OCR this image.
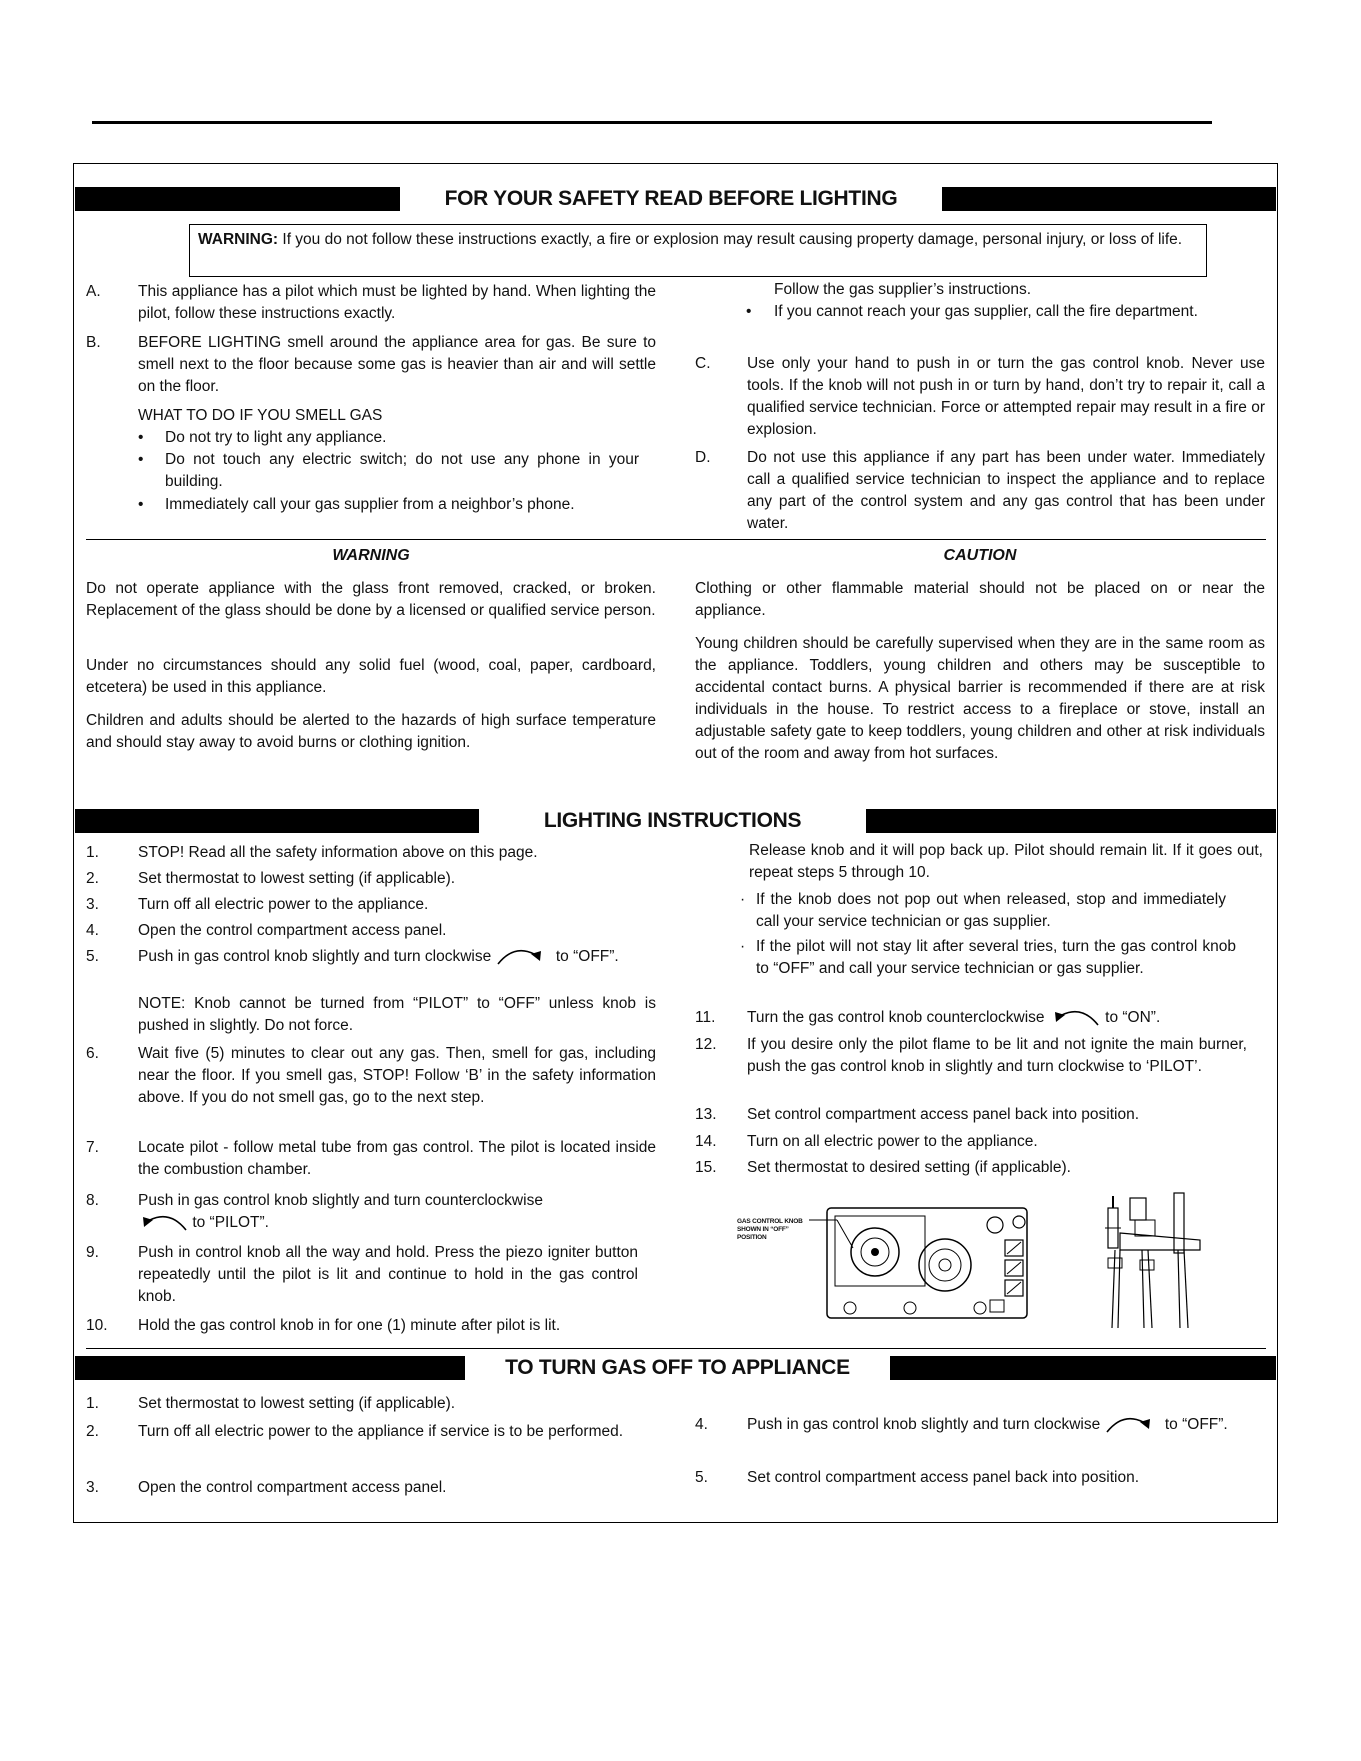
FOR YOUR SAFETY READ BEFORE LIGHTING
WARNING: If you do not follow these instructions exactly, a fire or explosion may result causing property damage, personal injury, or loss of life.
A. This appliance has a pilot which must be lighted by hand. When lighting the pilot, follow these instructions exactly.
B. BEFORE LIGHTING smell around the appliance area for gas. Be sure to smell next to the floor because some gas is heavier than air and will settle on the floor.
WHAT TO DO IF YOU SMELL GAS
• Do not try to light any appliance.
• Do not touch any electric switch; do not use any phone in your building.
• Immediately call your gas supplier from a neighbor’s phone.
Follow the gas supplier’s instructions.
• If you cannot reach your gas supplier, call the fire department.
C. Use only your hand to push in or turn the gas control knob. Never use tools. If the knob will not push in or turn by hand, don’t try to repair it, call a qualified service technician. Force or attempted repair may result in a fire or explosion.
D. Do not use this appliance if any part has been under water. Immediately call a qualified service technician to inspect the appliance and to replace any part of the control system and any gas control that has been under water.
WARNING
Do not operate appliance with the glass front removed, cracked, or broken. Replacement of the glass should be done by a licensed or qualified service person.
Under no circumstances should any solid fuel (wood, coal, paper, cardboard, etcetera) be used in this appliance.
Children and adults should be alerted to the hazards of high surface temperature and should stay away to avoid burns or clothing ignition.
CAUTION
Clothing or other flammable material should not be placed on or near the appliance.
Young children should be carefully supervised when they are in the same room as the appliance. Toddlers, young children and others may be susceptible to accidental contact burns. A physical barrier is recommended if there are at risk individuals in the house. To restrict access to a fireplace or stove, install an adjustable safety gate to keep toddlers, young children and other at risk individuals out of the room and away from hot surfaces.
LIGHTING INSTRUCTIONS
1.	STOP! Read all the safety information above on this page.
2.	Set thermostat to lowest setting (if applicable).
3.	Turn off all electric power to the appliance.
4.	Open the control compartment access panel.
5.	Push in gas control knob slightly and turn clockwise	to “OFF”.
NOTE: Knob cannot be turned from “PILOT” to “OFF” unless knob is pushed in slightly. Do not force.
6.	Wait five (5) minutes to clear out any gas. Then, smell for gas, including near the floor. If you smell gas, STOP! Follow ‘B’ in the safety information above. If you do not smell gas, go to the next step.
7.	Locate pilot - follow metal tube from gas control. The pilot is located inside the combustion chamber.
8.	Push in gas control knob slightly and turn counterclockwise
to “PILOT”.
9.	Push in control knob all the way and hold. Press the piezo igniter button repeatedly until the pilot is lit and continue to hold in the gas control knob.
10. Hold the gas control knob in for one (1) minute after pilot is lit.
Release knob and it will pop back up. Pilot should remain lit. If it goes out, repeat steps 5 through 10.
· If the knob does not pop out when released, stop and immediately call your service technician or gas supplier.
· If the pilot will not stay lit after several tries, turn the gas control knob to “OFF” and call your service technician or gas supplier.
11. Turn the gas control knob counterclockwise	to “ON”.
12. If you desire only the pilot flame to be lit and not ignite the main burner, push the gas control knob in slightly and turn clockwise to ‘PILOT’.
13. Set control compartment access panel back into position.
14. Turn on all electric power to the appliance.
15. Set thermostat to desired setting (if applicable).
GAS CONTROL KNOB SHOWN IN “OFF” POSITION
TO TURN GAS OFF TO APPLIANCE
1.	Set thermostat to lowest setting (if applicable).
2.	Turn off all electric power to the appliance if service is to be performed.
3.	Open the control compartment access panel.
4.	Push in gas control knob slightly and turn clockwise	to “OFF”.
5.	Set control compartment access panel back into position.
